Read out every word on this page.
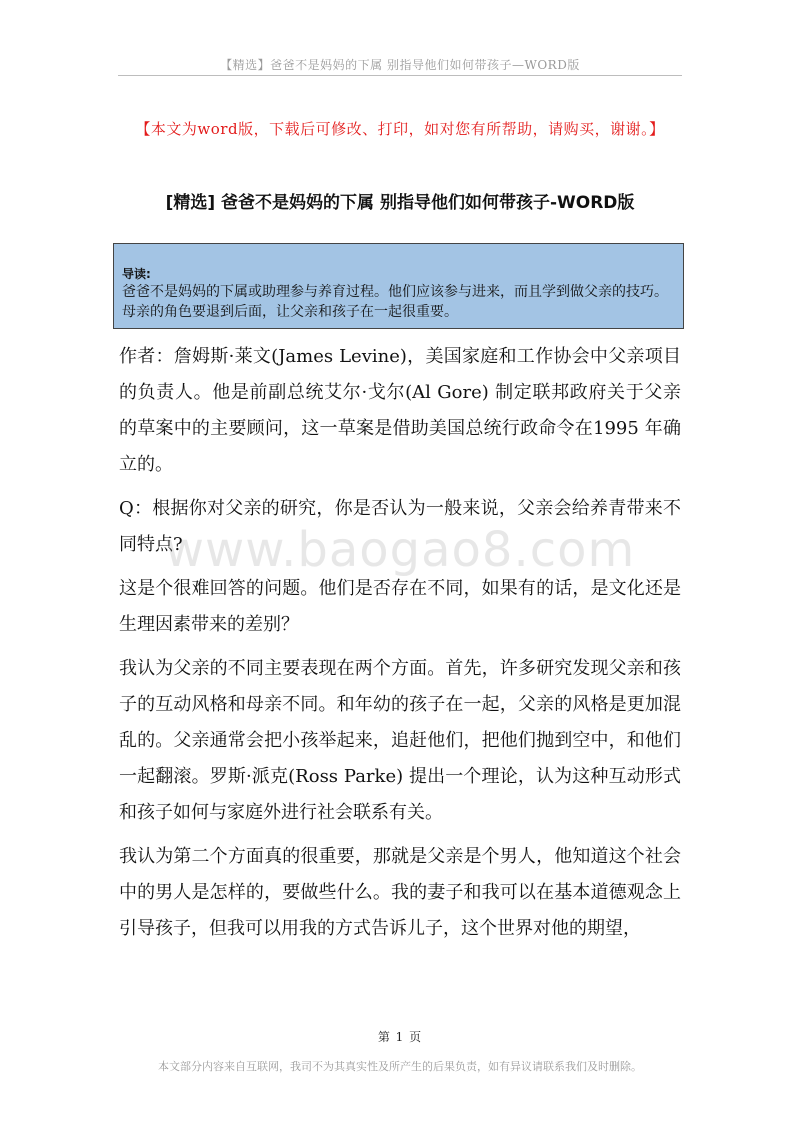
【精选】爸爸不是妈妈的下属 别指导他们如何带孩子—WORD版
【本文为word版，下载后可修改、打印，如对您有所帮助，请购买，谢谢。】
[精选] 爸爸不是妈妈的下属 别指导他们如何带孩子-WORD版
导读:
爸爸不是妈妈的下属或助理参与养育过程。他们应该参与进来，而且学到做父亲的技巧。母亲的角色要退到后面，让父亲和孩子在一起很重要。

作者：詹姆斯·莱文(James Levine)，美国家庭和工作协会中父亲项目的负责人。他是前副总统艾尔·戈尔(Al Gore) 制定联邦政府关于父亲的草案中的主要顾问，这一草案是借助美国总统行政命令在1995 年确立的。

Q：根据你对父亲的研究，你是否认为一般来说，父亲会给养青带来不同特点?

这是个很难回答的问题。他们是否存在不同，如果有的话，是文化还是生理因素带来的差别？

我认为父亲的不同主要表现在两个方面。首先，许多研究发现父亲和孩子的互动风格和母亲不同。和年幼的孩子在一起，父亲的风格是更加混乱的。父亲通常会把小孩举起来，追赶他们，把他们抛到空中，和他们一起翻滚。罗斯·派克(Ross Parke) 提出一个理论，认为这种互动形式和孩子如何与家庭外进行社会联系有关。

我认为第二个方面真的很重要，那就是父亲是个男人，他知道这个社会中的男人是怎样的，要做些什么。我的妻子和我可以在基本道德观念上引导孩子，但我可以用我的方式告诉儿子，这个世界对他的期望，

www.baogao8.com
第 1 页
本文部分内容来自互联网，我司不为其真实性及所产生的后果负责，如有异议请联系我们及时删除。
